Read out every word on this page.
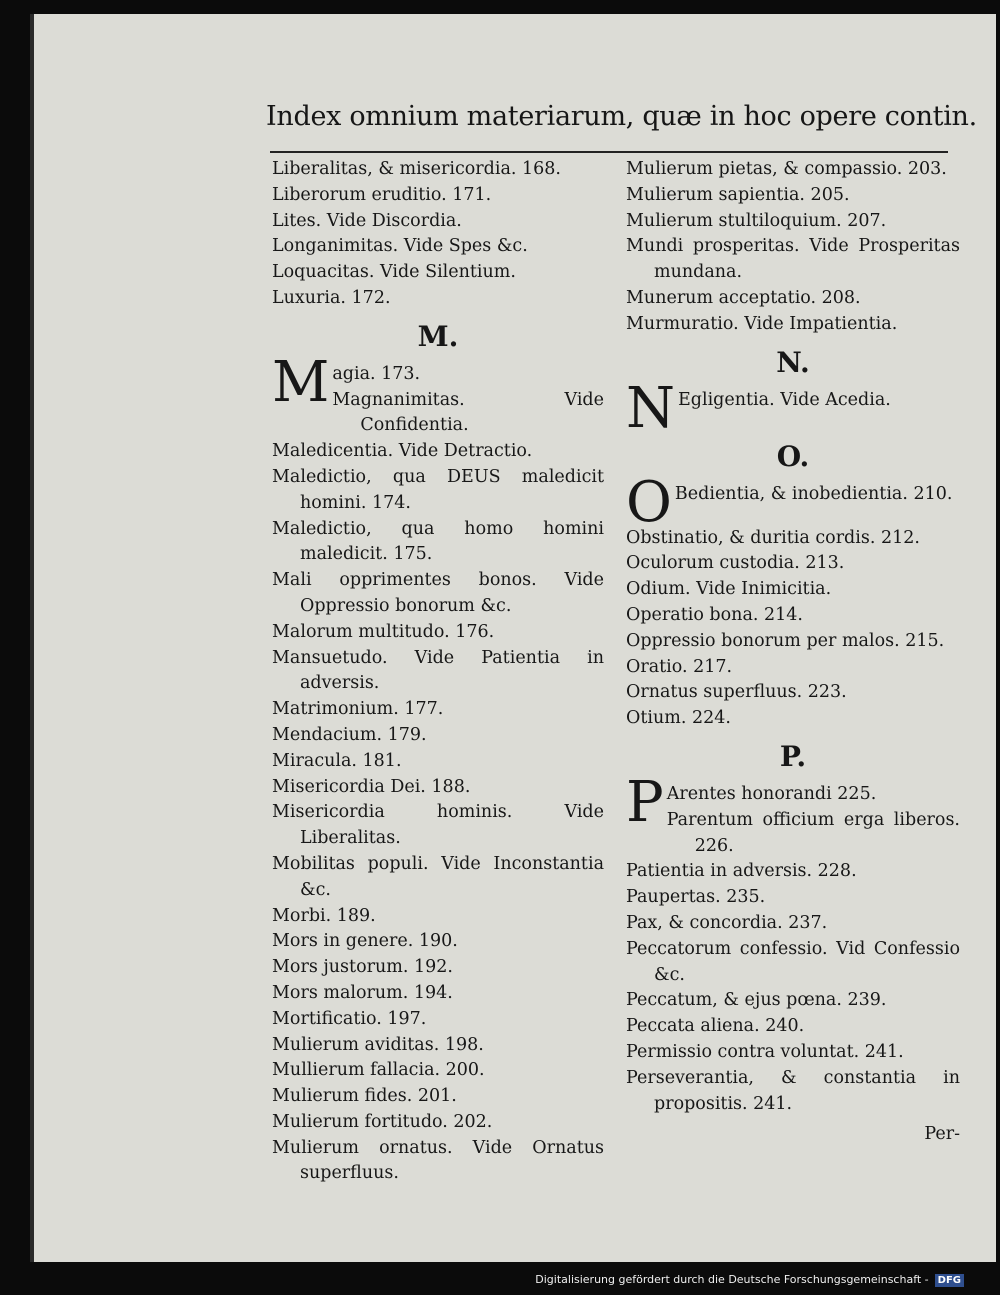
Index omnium materiarum, quæ in hoc opere contin.
Liberalitas, & misericordia. 168.
Liberorum eruditio. 171.
Lites. Vide Discordia.
Longanimitas. Vide Spes &c.
Loquacitas. Vide Silentium.
Luxuria. 172.
M.
M agia. 173.
Magnanimitas. Vide Confidentia.
Maledicentia. Vide Detractio.
Maledictio, qua DEUS maledicit homini. 174.
Maledictio, qua homo homini maledicit. 175.
Mali opprimentes bonos. Vide Oppressio bonorum &c.
Malorum multitudo. 176.
Mansuetudo. Vide Patientia in adversis.
Matrimonium. 177.
Mendacium. 179.
Miracula. 181.
Misericordia Dei. 188.
Misericordia hominis. Vide Liberalitas.
Mobilitas populi. Vide Inconstantia &c.
Morbi. 189.
Mors in genere. 190.
Mors justorum. 192.
Mors malorum. 194.
Mortificatio. 197.
Mulierum aviditas. 198.
Mullierum fallacia. 200.
Mulierum fides. 201.
Mulierum fortitudo. 202.
Mulierum ornatus. Vide Ornatus superfluus.
Mulierum pietas, & compassio. 203.
Mulierum sapientia. 205.
Mulierum stultiloquium. 207.
Mundi prosperitas. Vide Prosperitas mundana.
Munerum acceptatio. 208.
Murmuratio. Vide Impatientia.
N.
N Egligentia. Vide Acedia.
O.
O Bedientia, & inobedientia. 210.
Obstinatio, & duritia cordis. 212.
Oculorum custodia. 213.
Odium. Vide Inimicitia.
Operatio bona. 214.
Oppressio bonorum per malos. 215.
Oratio. 217.
Ornatus superfluus. 223.
Otium. 224.
P.
P Arentes honorandi 225.
Parentum officium erga liberos. 226.
Patientia in adversis. 228.
Paupertas. 235.
Pax, & concordia. 237.
Peccatorum confessio. Vid Confessio &c.
Peccatum, & ejus pœna. 239.
Peccata aliena. 240.
Permissio contra voluntat. 241.
Perseverantia, & constantia in propositis. 241.
Per-
Digitalisierung gefördert durch die Deutsche Forschungsgemeinschaft - DFG
